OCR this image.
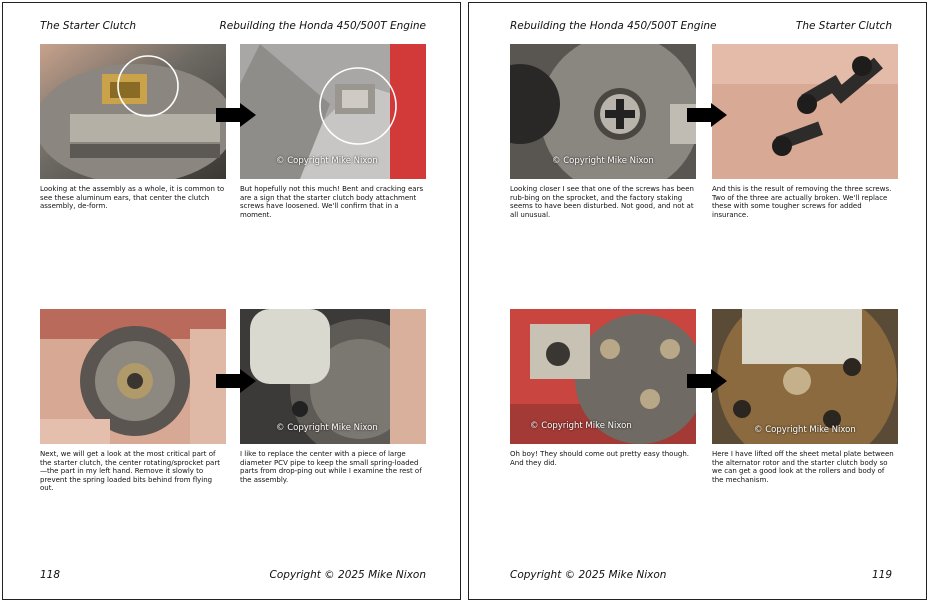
The Starter Clutch	Rebuilding the Honda 450/500T Engine
© Copyright Mike Nixon

Looking at the assembly as a whole, it is common to see these aluminum ears, that center the clutch assembly, de-form.

But hopefully not this much! Bent and cracking ears are a sign that the starter clutch body attachment screws have loosened. We'll confirm that in a moment.

© Copyright Mike Nixon

Next, we will get a look at the most critical part of the starter clutch, the center rotating/sprocket part—the part in my left hand. Remove it slowly to prevent the spring loaded bits behind from flying out.

I like to replace the center with a piece of large diameter PCV pipe to keep the small spring-loaded parts from drop-ping out while I examine the rest of the assembly.

118	Copyright © 2025 Mike Nixon
Rebuilding the Honda 450/500T Engine	The Starter Clutch
© Copyright Mike Nixon

Looking closer I see that one of the screws has been rub-bing on the sprocket, and the factory staking seems to have been disturbed. Not good, and not at all unusual.

And this is the result of removing the three screws. Two of the three are actually broken. We'll replace these with some tougher screws for added insurance.

© Copyright Mike Nixon	© Copyright Mike Nixon

Oh boy! They should come out pretty easy though. And they did.

Here I have lifted off the sheet metal plate between the alternator rotor and the starter clutch body so we can get a good look at the rollers and body of the mechanism.

Copyright © 2025 Mike Nixon	119
